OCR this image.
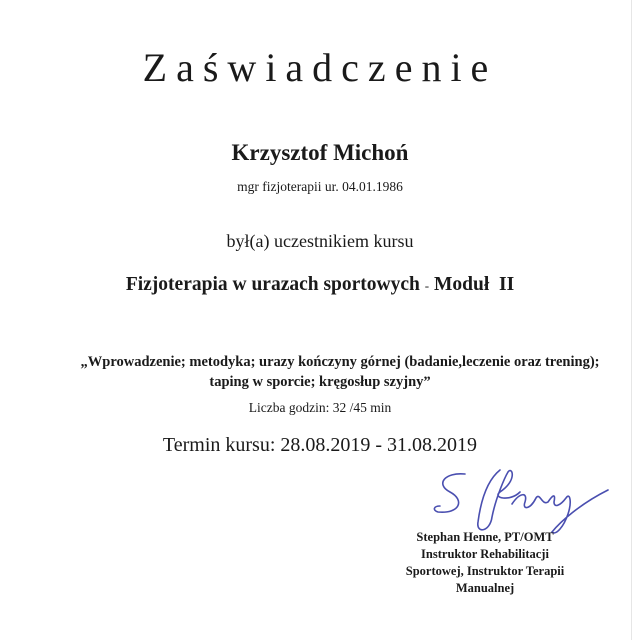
Zaświadczenie
Krzysztof Michoń
mgr fizjoterapii ur. 04.01.1986
był(a) uczestnikiem kursu
Fizjoterapia w urazach sportowych - Moduł  II
„Wprowadzenie; metodyka; urazy kończyny górnej (badanie,leczenie oraz trening);
taping w sporcie; kręgosłup szyjny”
Liczba godzin: 32 /45 min
Termin kursu: 28.08.2019 - 31.08.2019
Stephan Henne, PT/OMT
Instruktor Rehabilitacji
Sportowej, Instruktor Terapii
Manualnej
